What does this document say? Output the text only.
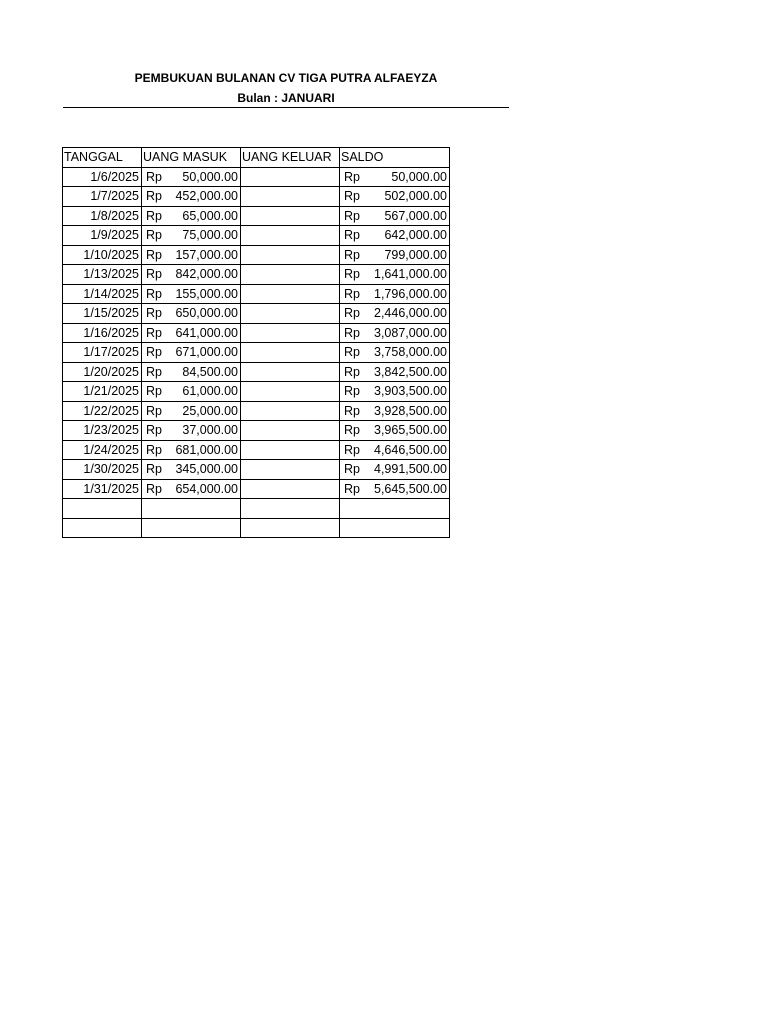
PEMBUKUAN BULANAN CV TIGA PUTRA ALFAEYZA
Bulan : JANUARI
TANGGAL	UANG MASUK	UANG KELUAR	SALDO
1/6/2025	Rp 50,000.00		Rp 50,000.00

1/7/2025	Rp 452,000.00		Rp 502,000.00

1/8/2025	Rp 65,000.00		Rp 567,000.00

1/9/2025	Rp 75,000.00		Rp 642,000.00

1/10/2025	Rp 157,000.00		Rp 799,000.00

1/13/2025	Rp 842,000.00		Rp 1,641,000.00

1/14/2025	Rp 155,000.00		Rp 1,796,000.00

1/15/2025	Rp 650,000.00		Rp 2,446,000.00

1/16/2025	Rp 641,000.00		Rp 3,087,000.00

1/17/2025	Rp 671,000.00		Rp 3,758,000.00

1/20/2025	Rp 84,500.00		Rp 3,842,500.00

1/21/2025	Rp 61,000.00		Rp 3,903,500.00

1/22/2025	Rp 25,000.00		Rp 3,928,500.00

1/23/2025	Rp 37,000.00		Rp 3,965,500.00

1/24/2025	Rp 681,000.00		Rp 4,646,500.00

1/30/2025	Rp 345,000.00		Rp 4,991,500.00

1/31/2025	Rp 654,000.00		Rp 5,645,500.00
